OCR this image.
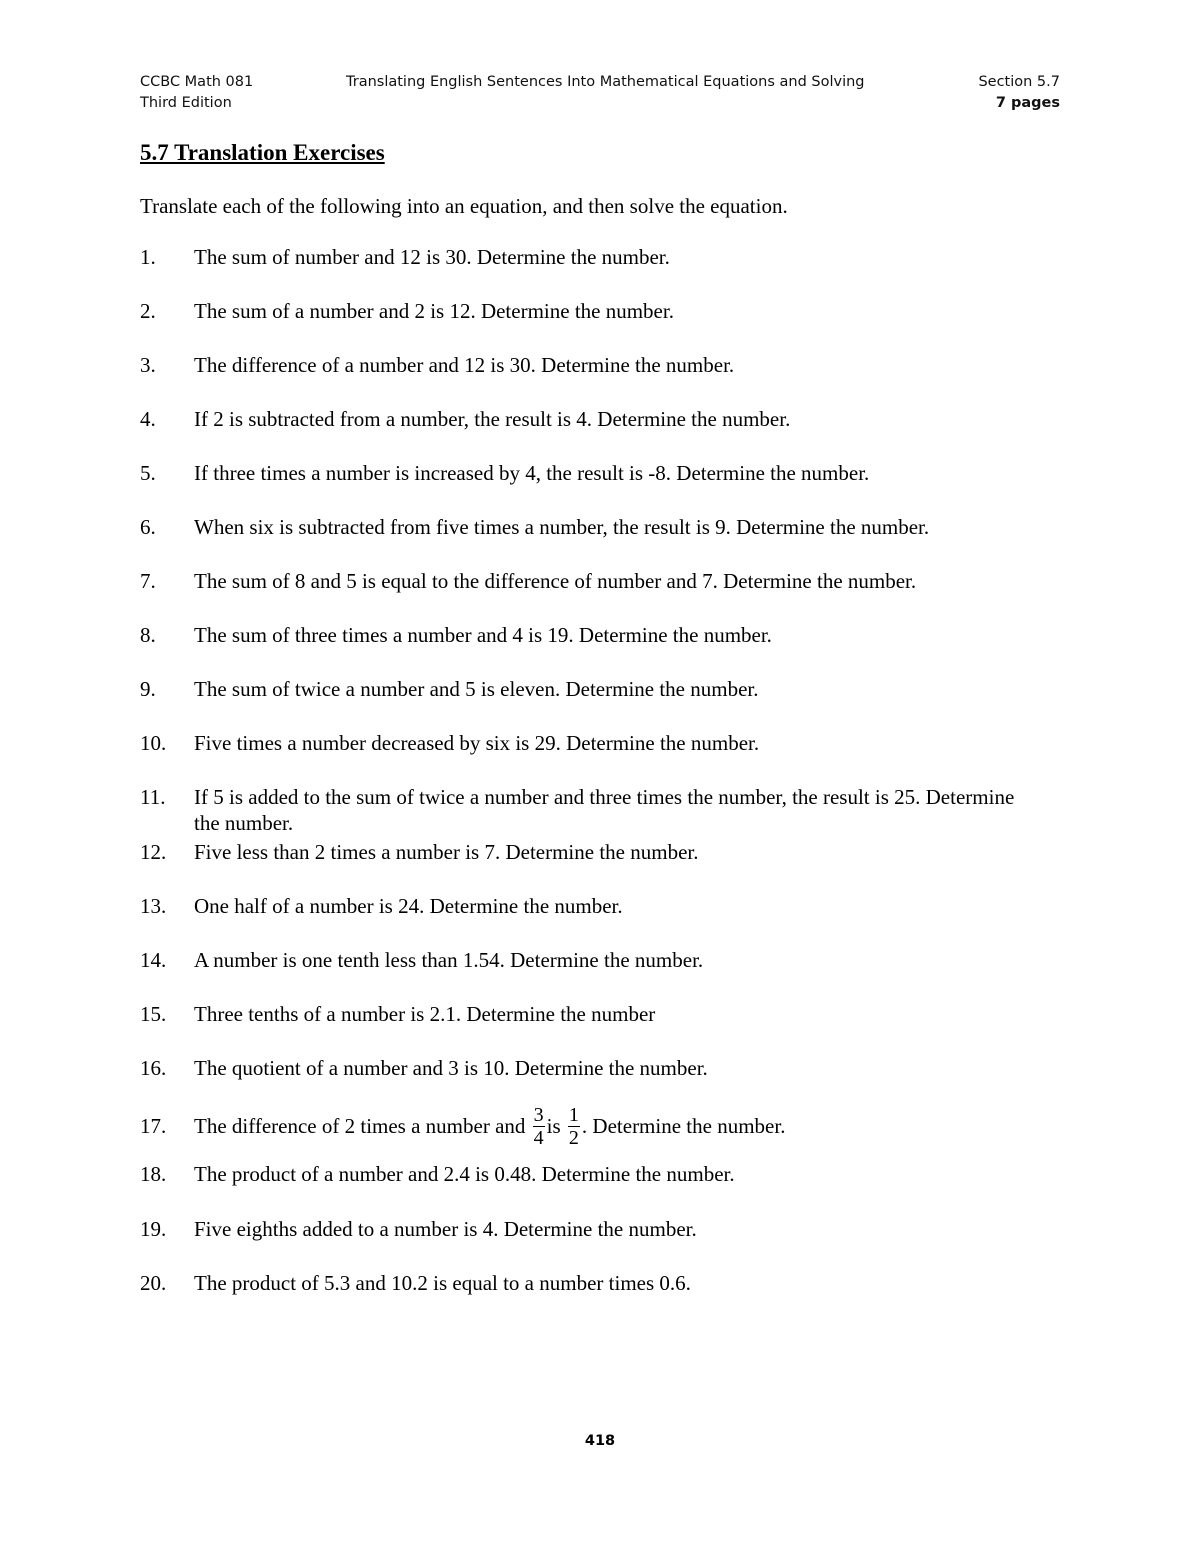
CCBC Math 081
Third Edition
Translating English Sentences Into Mathematical Equations and Solving	Section 5.7
7 pages
5.7 Translation Exercises
Translate each of the following into an equation, and then solve the equation.
1. The sum of number and 12 is 30. Determine the number.
2. The sum of a number and 2 is 12. Determine the number.
3. The difference of a number and 12 is 30. Determine the number.
4. If 2 is subtracted from a number, the result is 4. Determine the number.
5. If three times a number is increased by 4, the result is -8. Determine the number.
6. When six is subtracted from five times a number, the result is 9. Determine the number.
7. The sum of 8 and 5 is equal to the difference of number and 7. Determine the number.
8. The sum of three times a number and 4 is 19. Determine the number.
9. The sum of twice a number and 5 is eleven. Determine the number.
10. Five times a number decreased by six is 29. Determine the number.
11. If 5 is added to the sum of twice a number and three times the number, the result is 25. Determine the number.
12. Five less than 2 times a number is 7. Determine the number.
13. One half of a number is 24. Determine the number.
14. A number is one tenth less than 1.54. Determine the number.
15. Three tenths of a number is 2.1. Determine the number
16. The quotient of a number and 3 is 10. Determine the number.
17. The difference of 2 times a number and $\frac{3}{4}$ is $\frac{1}{2}$ . Determine the number.
18. The product of a number and 2.4 is 0.48. Determine the number.
19. Five eighths added to a number is 4. Determine the number.
20. The product of 5.3 and 10.2 is equal to a number times 0.6.
418
